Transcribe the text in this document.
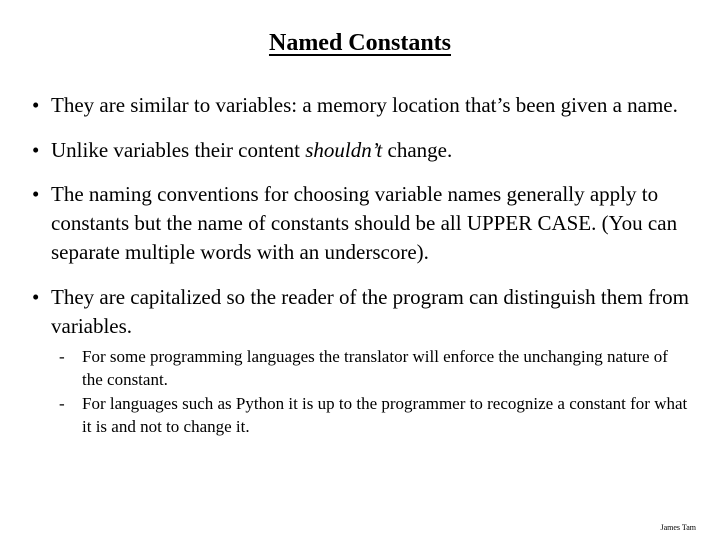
Named Constants
• They are similar to variables: a memory location that’s been given a name.
• Unlike variables their content shouldn’t change.
• The naming conventions for choosing variable names generally apply to constants but the name of constants should be all UPPER CASE. (You can separate multiple words with an underscore).
• They are capitalized so the reader of the program can distinguish them from variables.
- For some programming languages the translator will enforce the unchanging nature of the constant.
- For languages such as Python it is up to the programmer to recognize a constant for what it is and not to change it.

James Tam
